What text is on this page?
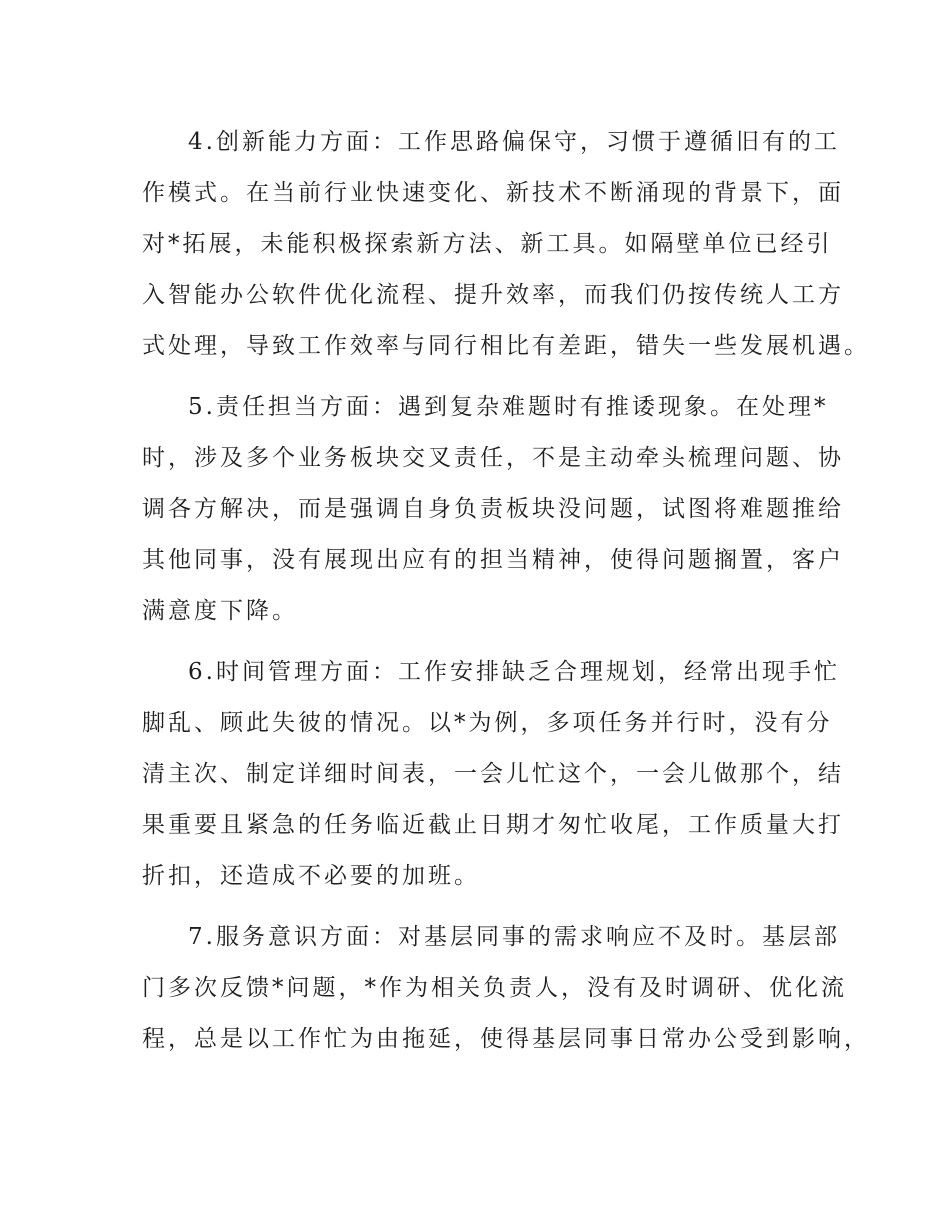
4.创新能力方面：工作思路偏保守，习惯于遵循旧有的工

作模式。在当前行业快速变化、新技术不断涌现的背景下，面

对*拓展，未能积极探索新方法、新工具。如隔壁单位已经引

入智能办公软件优化流程、提升效率，而我们仍按传统人工方

式处理，导致工作效率与同行相比有差距，错失一些发展机遇。

5.责任担当方面：遇到复杂难题时有推诿现象。在处理*

时，涉及多个业务板块交叉责任，不是主动牵头梳理问题、协

调各方解决，而是强调自身负责板块没问题，试图将难题推给

其他同事，没有展现出应有的担当精神，使得问题搁置，客户

满意度下降。

6.时间管理方面：工作安排缺乏合理规划，经常出现手忙

脚乱、顾此失彼的情况。以*为例，多项任务并行时，没有分

清主次、制定详细时间表，一会儿忙这个，一会儿做那个，结

果重要且紧急的任务临近截止日期才匆忙收尾，工作质量大打

折扣，还造成不必要的加班。

7.服务意识方面：对基层同事的需求响应不及时。基层部

门多次反馈*问题，*作为相关负责人，没有及时调研、优化流

程，总是以工作忙为由拖延，使得基层同事日常办公受到影响，
